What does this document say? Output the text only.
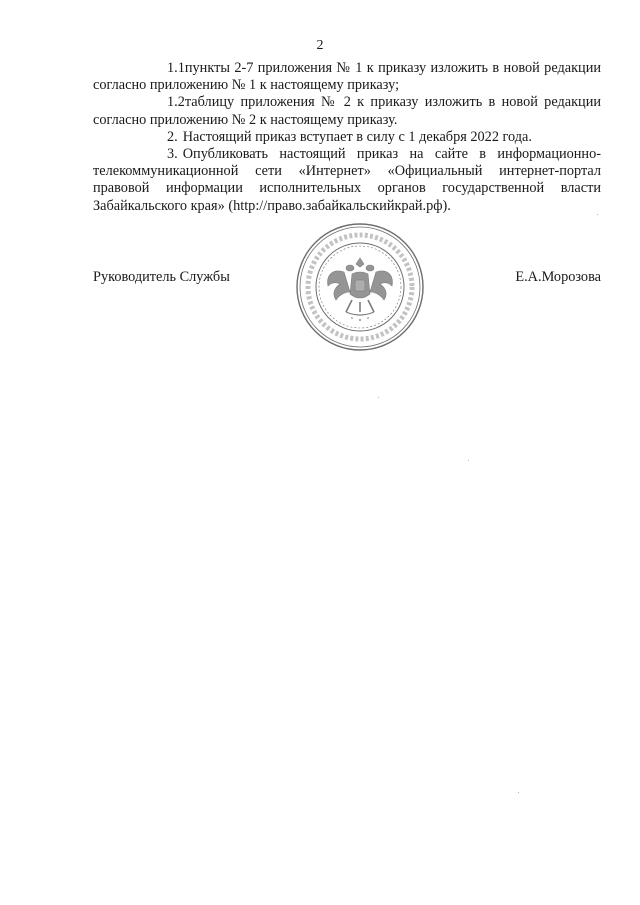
2

1.1пункты 2-7 приложения № 1 к приказу изложить в новой редакции согласно приложению № 1 к настоящему приказу;

1.2таблицу приложения № 2 к приказу изложить в новой редакции согласно приложению № 2 к настоящему приказу.

2. Настоящий приказ вступает в силу с 1 декабря 2022 года.

3. Опубликовать настоящий приказ на сайте в информационно-телекоммуникационной сети «Интернет» «Официальный интернет-портал правовой информации исполнительных органов государственной власти Забайкальского края» (http://право.забайкальскийкрай.рф).

Руководитель Службы	Е.А.Морозова
